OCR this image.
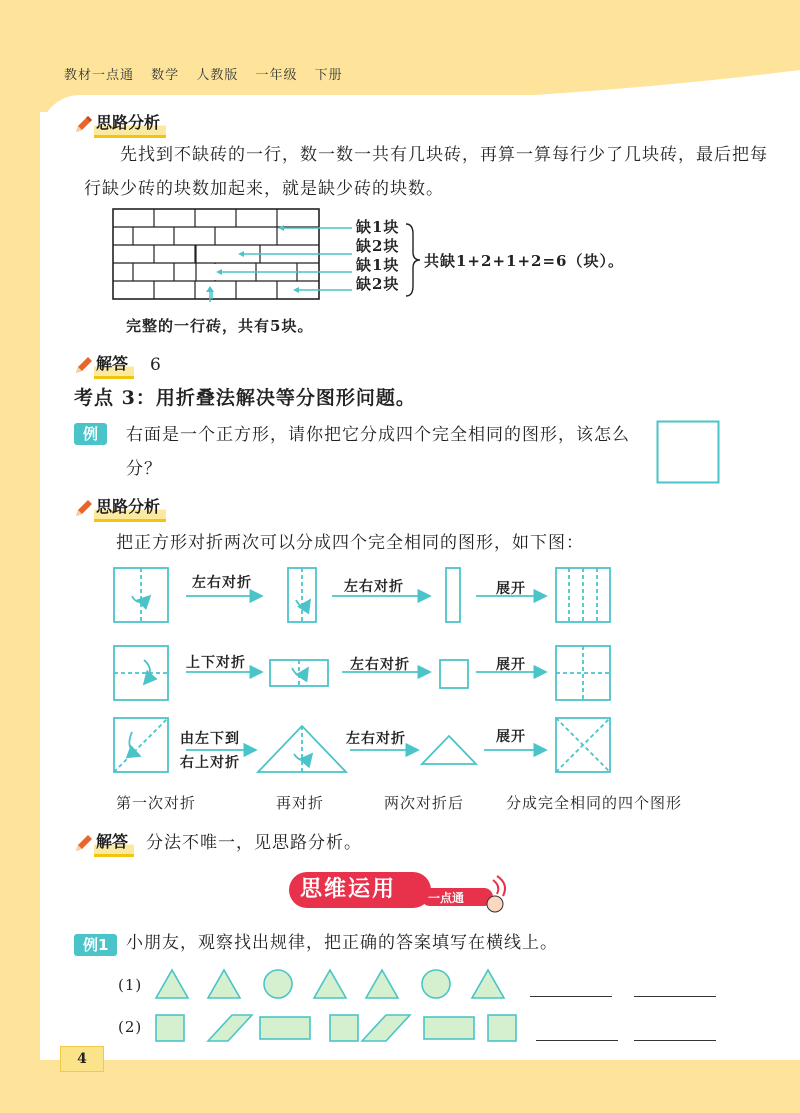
教材一点通 数学 人教版 一年级 下册
思路分析
先找到不缺砖的一行，数一数一共有几块砖，再算一算每行少了几块砖，最后把每行缺少砖的块数加起来，就是缺少砖的块数。
缺1块
缺2块
缺1块
缺2块
共缺1+2+1+2=6（块）。
完整的一行砖，共有5块。
解答	6
考点 3：用折叠法解决等分图形问题。
例	右面是一个正方形，请你把它分成四个完全相同的图形，该怎么分？
思路分析
把正方形对折两次可以分成四个完全相同的图形，如下图：
左右对折	左右对折	展开
上下对折	左右对折	展开
由左下到
右上对折
左右对折	展开
第一次对折	再对折	两次对折后	分成完全相同的四个图形
解答	分法不唯一，见思路分析。
思维运用	一点通
例1	小朋友，观察找出规律，把正确的答案填写在横线上。
(1)
(2)
4
